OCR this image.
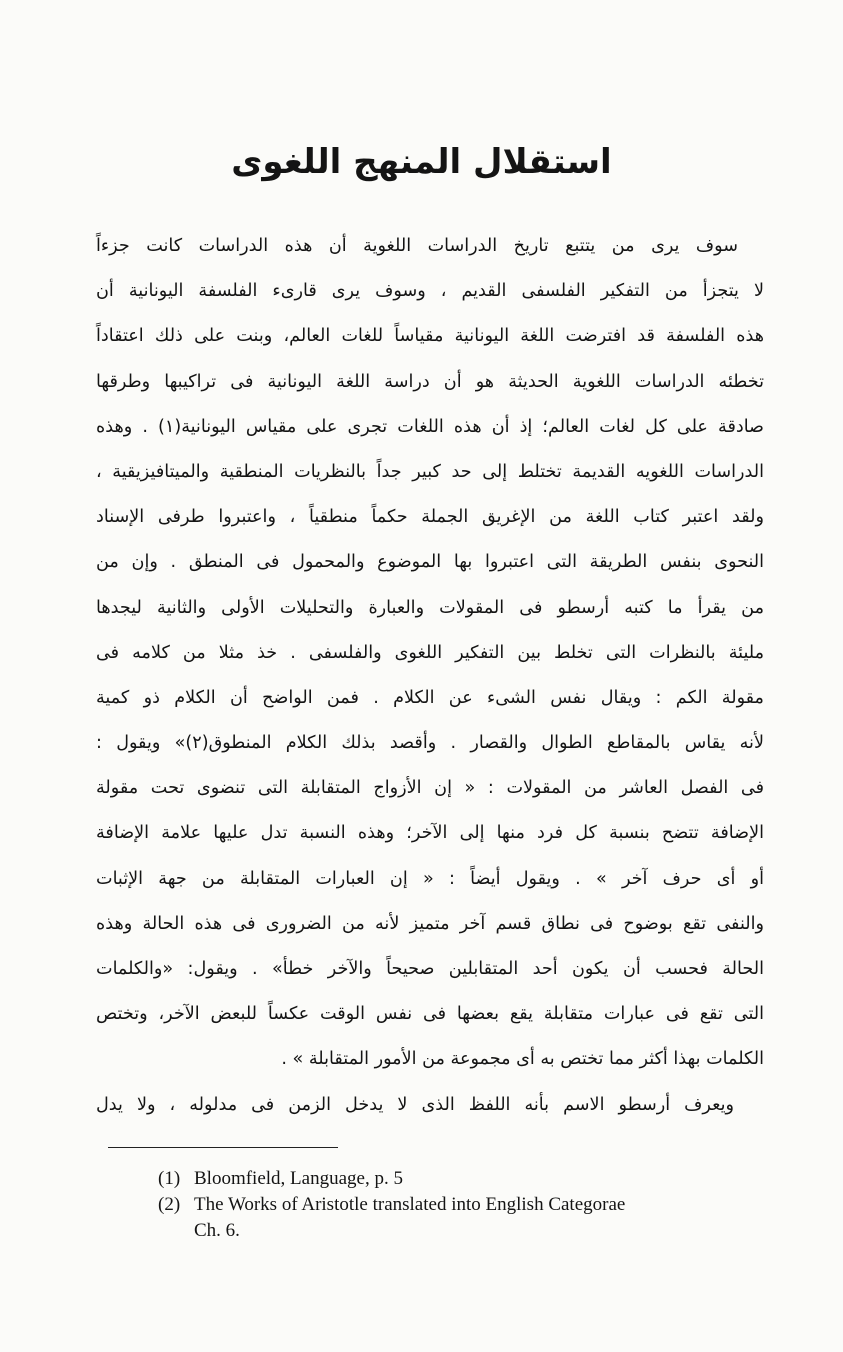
استقلال المنهج اللغوى
سوف يرى من يتتبع تاريخ الدراسات اللغوية أن هذه الدراسات كانت جزءاً
لا يتجزأ من التفكير الفلسفى القديم ، وسوف يرى قارىء الفلسفة اليونانية أن
هذه الفلسفة قد افترضت اللغة اليونانية مقياساً للغات العالم، وبنت على ذلك اعتقاداً
تخطئه الدراسات اللغوية الحديثة هو أن دراسة اللغة اليونانية فى تراكيبها وطرقها
صادقة على كل لغات العالم؛ إذ أن هذه اللغات تجرى على مقياس اليونانية(١) . وهذه
الدراسات اللغويه القديمة تختلط إلى حد كبير جداً بالنظريات المنطقية والميتافيزيقية ،
ولقد اعتبر كتاب اللغة من الإغريق الجملة حكماً منطقياً ، واعتبروا طرفى الإسناد
النحوى بنفس الطريقة التى اعتبروا بها الموضوع والمحمول فى المنطق . وإن من
من يقرأ ما كتبه أرسطو فى المقولات والعبارة والتحليلات الأولى والثانية ليجدها
مليئة بالنظرات التى تخلط بين التفكير اللغوى والفلسفى . خذ مثلا من كلامه فى
مقولة الكم : ويقال نفس الشىء عن الكلام . فمن الواضح أن الكلام ذو كمية
لأنه يقاس بالمقاطع الطوال والقصار . وأقصد بذلك الكلام المنطوق(٢)» ويقول :
فى الفصل العاشر من المقولات : « إن الأزواج المتقابلة التى تنضوى تحت مقولة
الإضافة تتضح بنسبة كل فرد منها إلى الآخر؛ وهذه النسبة تدل عليها علامة الإضافة
أو أى حرف آخر » . ويقول أيضاً : « إن العبارات المتقابلة من جهة الإثبات
والنفى تقع بوضوح فى نطاق قسم آخر متميز لأنه من الضرورى فى هذه الحالة وهذه
الحالة فحسب أن يكون أحد المتقابلين صحيحاً والآخر خطأ» . ويقول: «والكلمات
التى تقع فى عبارات متقابلة يقع بعضها فى نفس الوقت عكساً للبعض الآخر، وتختص
الكلمات بهذا أكثر مما تختص به أى مجموعة من الأمور المتقابلة » .
ويعرف أرسطو الاسم بأنه اللفظ الذى لا يدخل الزمن فى مدلوله ، ولا يدل
(1) Bloomfield, Language, p. 5
(2) The Works of Aristotle translated into English Categorae
Ch. 6.
